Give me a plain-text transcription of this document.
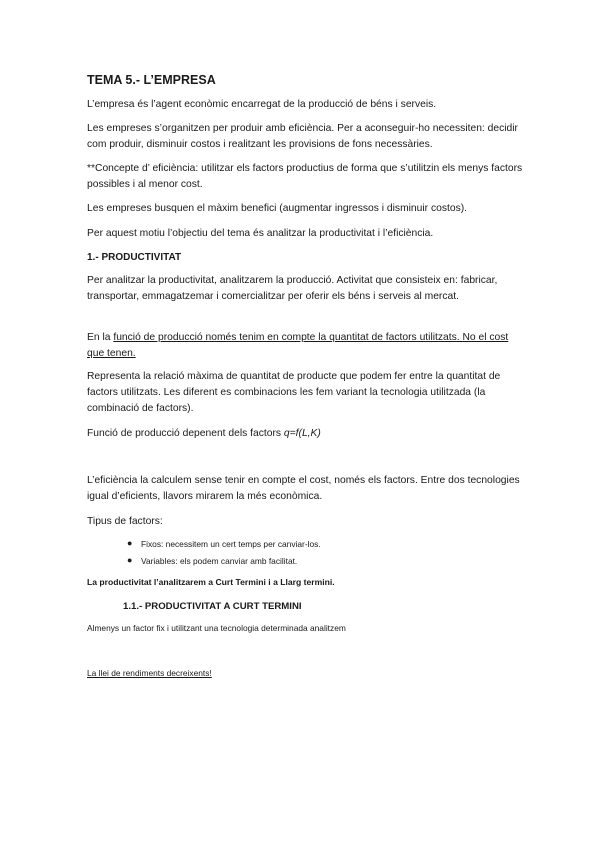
TEMA 5.- L’EMPRESA
L’empresa és l’agent econòmic encarregat de la producció de béns i serveis.
Les empreses s’organitzen per produir amb eficiència. Per a aconseguir-ho necessiten: decidir com produir, disminuir costos i realitzant les provisions de fons necessàries.
**Concepte d’ eficiència: utilitzar els factors productius de forma que s’utilitzin els menys factors possibles i al menor cost.
Les empreses busquen el màxim benefici (augmentar ingressos i disminuir costos).
Per aquest motiu l’objectiu del tema és analitzar la productivitat i l’eficiència.
1.- PRODUCTIVITAT
Per analitzar la productivitat, analitzarem la producció. Activitat que consisteix en: fabricar, transportar, emmagatzemar i comercialitzar per oferir els béns i serveis al mercat.
En la funció de producció només tenim en compte la quantitat de factors utilitzats. No el cost que tenen.
Representa la relació màxima de quantitat de producte que podem fer entre la quantitat de factors utilitzats. Les diferent es combinacions les fem variant la tecnologia utilitzada (la combinació de factors).
Funció de producció depenent dels factors q=f(L,K)
L’eficiència la calculem sense tenir en compte el cost, només els factors. Entre dos tecnologies igual d’eficients, llavors mirarem la més econòmica.
Tipus de factors:
● Fixos: necessitem un cert temps per canviar-los.
● Variables: els podem canviar amb facilitat.
La productivitat l’analitzarem a Curt Termini i a Llarg termini.
1.1.- PRODUCTIVITAT A CURT TERMINI
Almenys un factor fix i utilitzant una tecnologia determinada analitzem
La llei de rendiments decreixents!
